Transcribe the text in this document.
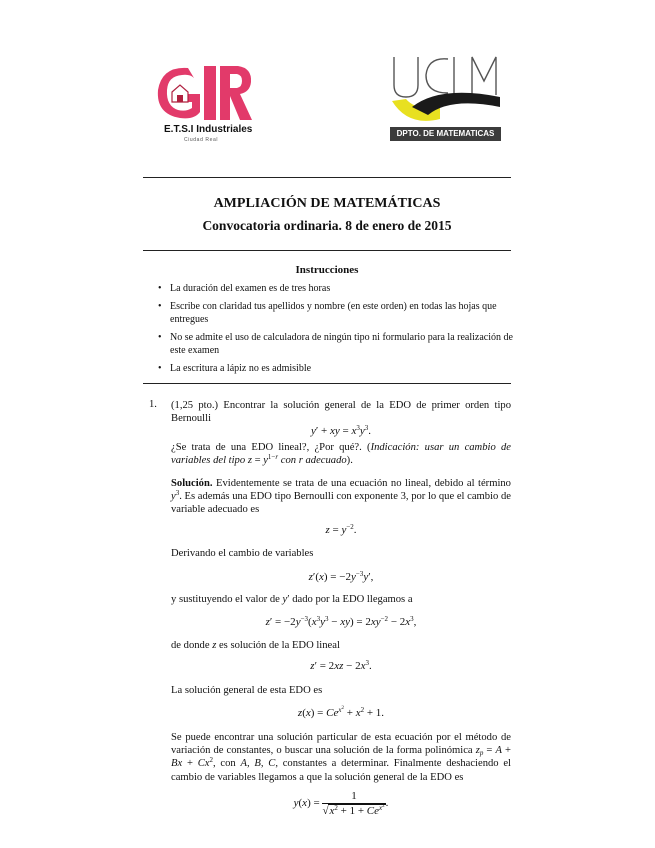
E.T.S.I Industriales
Ciudad Real
DPTO. DE MATEMATICAS
AMPLIACIÓN DE MATEMÁTICAS
Convocatoria ordinaria. 8 de enero de 2015
Instrucciones
• La duración del examen es de tres horas
• Escribe con claridad tus apellidos y nombre (en este orden) en todas las hojas que entregues
• No se admite el uso de calculadora de ningún tipo ni formulario para la realización de este examen
• La escritura a lápiz no es admisible
1. (1,25 pto.) Encontrar la solución general de la EDO de primer orden tipo Bernoulli
y′ + xy = $x^3y^3$.
¿Se trata de una EDO lineal?, ¿Por qué?. (Indicación: usar un cambio de variables del tipo $z = y^{1-r}$ con r adecuado).
Solución. Evidentemente se trata de una ecuación no lineal, debido al término $y^3$. Es además una EDO tipo Bernoulli con exponente 3, por lo que el cambio de variable adecuado es
$z = y^{-2}$.
Derivando el cambio de variables
$z'(x) = -2y^{-3}y'$,
y sustituyendo el valor de y′ dado por la EDO llegamos a
$z' = -2y^{-3}(x^3y^3 - xy) = 2xy^{-2} - 2x^3$,
de donde z es solución de la EDO lineal
$z' = 2xz - 2x^3$.
La solución general de esta EDO es
$z(x) = Ce^{x^2} + x^2 + 1$.
Se puede encontrar una solución particular de esta ecuación por el método de variación de constantes, o buscar una solución de la forma polinómica $z_p = A + Bx + Cx^2$, con A, B, C, constantes a determinar. Finalmente deshaciendo el cambio de variables llegamos a que la solución general de la EDO es
$y(x) = \frac{1}{√x^2 + 1 + Ce^{x^2}}$ .
